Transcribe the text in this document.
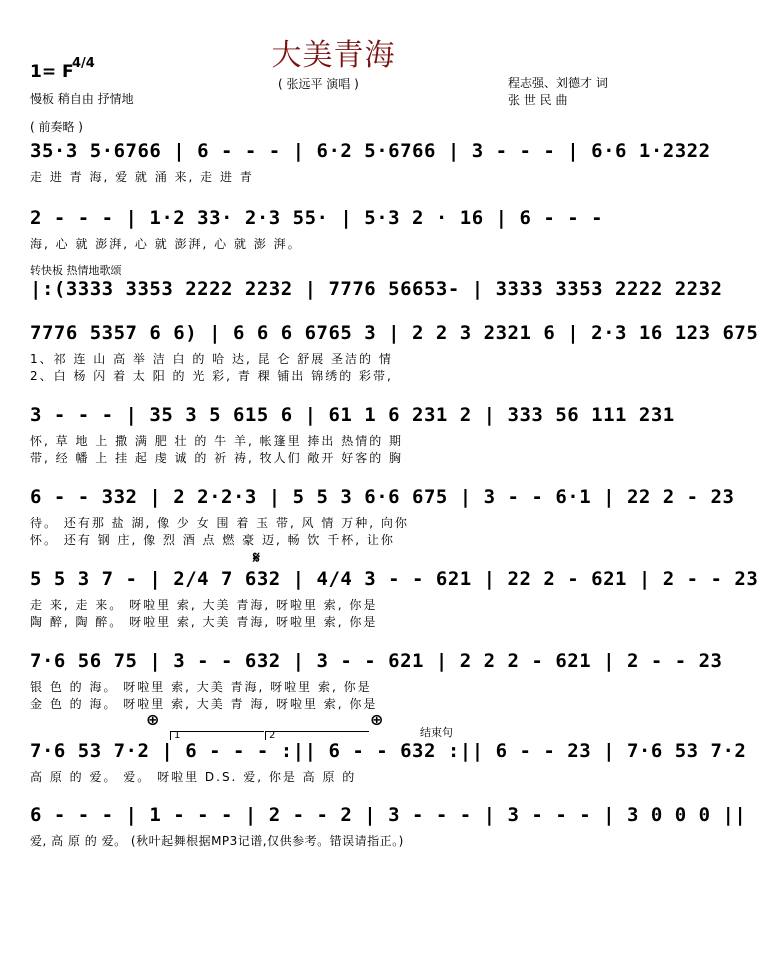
大美青海
1= F
4/4
慢板 稍自由 抒情地
( 张远平 演唱 )	程志强、刘德才 词
张 世 民 曲
( 前奏略 )
35·3 5·6766 | 6 - - - | 6·2 5·6766 | 3 - - - | 6·6 1·2322
走 进 青 海, 爱 就 涌 来, 走 进 青
2 - - - | 1·2 33· 2·3 55· | 5·3 2 · 16 | 6 - - -
海, 心 就 澎湃, 心 就 澎湃, 心 就 澎 湃。
转快板 热情地歌颂
|:(3333 3353 2222 2232 | 7776 56653- | 3333 3353 2222 2232
7776 5357 6 6) | 6 6 6 6765 3 | 2 2 3 2321 6 | 2·3 16 123 675
1、祁 连 山 高 举 洁 白 的 哈 达, 昆 仑 舒展 圣洁的 情
2、白 杨 闪 着 太 阳 的 光 彩, 青 稞 铺出 锦绣的 彩带,
3 - - - | 35 3 5 615 6 | 61 1 6 231 2 | 333 56 111 231
怀, 草 地 上 撒 满 肥 壮 的 牛 羊, 帐篷里 捧出 热情的 期
带, 经 幡 上 挂 起 虔 诚 的 祈 祷, 牧人们 敞开 好客的 胸
6 - - 332 | 2 2·2·3 | 5 5 3 6·6 675 | 3 - - 6·1 | 22 2 - 23
待。 还有那 盐 湖, 像 少 女 围 着 玉 带, 风 情 万种, 向你
怀。 还有 钢 庄, 像 烈 酒 点 燃 豪 迈, 畅 饮 千杯, 让你
𝄋
5 5 3 7 - | 2/4 7 632 | 4/4 3 - - 621 | 22 2 - 621 | 2 - - 23
走 来, 走 来。 呀啦里 索, 大美 青海, 呀啦里 索, 你是
陶 醉, 陶 醉。 呀啦里 索, 大美 青海, 呀啦里 索, 你是
7·6 56 75 | 3 - - 632 | 3 - - 621 | 2 2 2 - 621 | 2 - - 23
银 色 的 海。 呀啦里 索, 大美 青海, 呀啦里 索, 你是
金 色 的 海。 呀啦里 索, 大美 青 海, 呀啦里 索, 你是
⊕	⊕
1	2	结束句
7·6 53 7·2 | 6 - - - :|| 6 - - 632 :|| 6 - - 23 | 7·6 53 7·2
高 原 的 爱。 爱。 呀啦里 D.S. 爱, 你是 高 原 的
6 - - - | 1 - - - | 2 - - 2 | 3 - - - | 3 - - - | 3 0 0 0 ||
爱, 高 原 的 爱。 (秋叶起舞根据MP3记谱,仅供参考。错误请指正。)
